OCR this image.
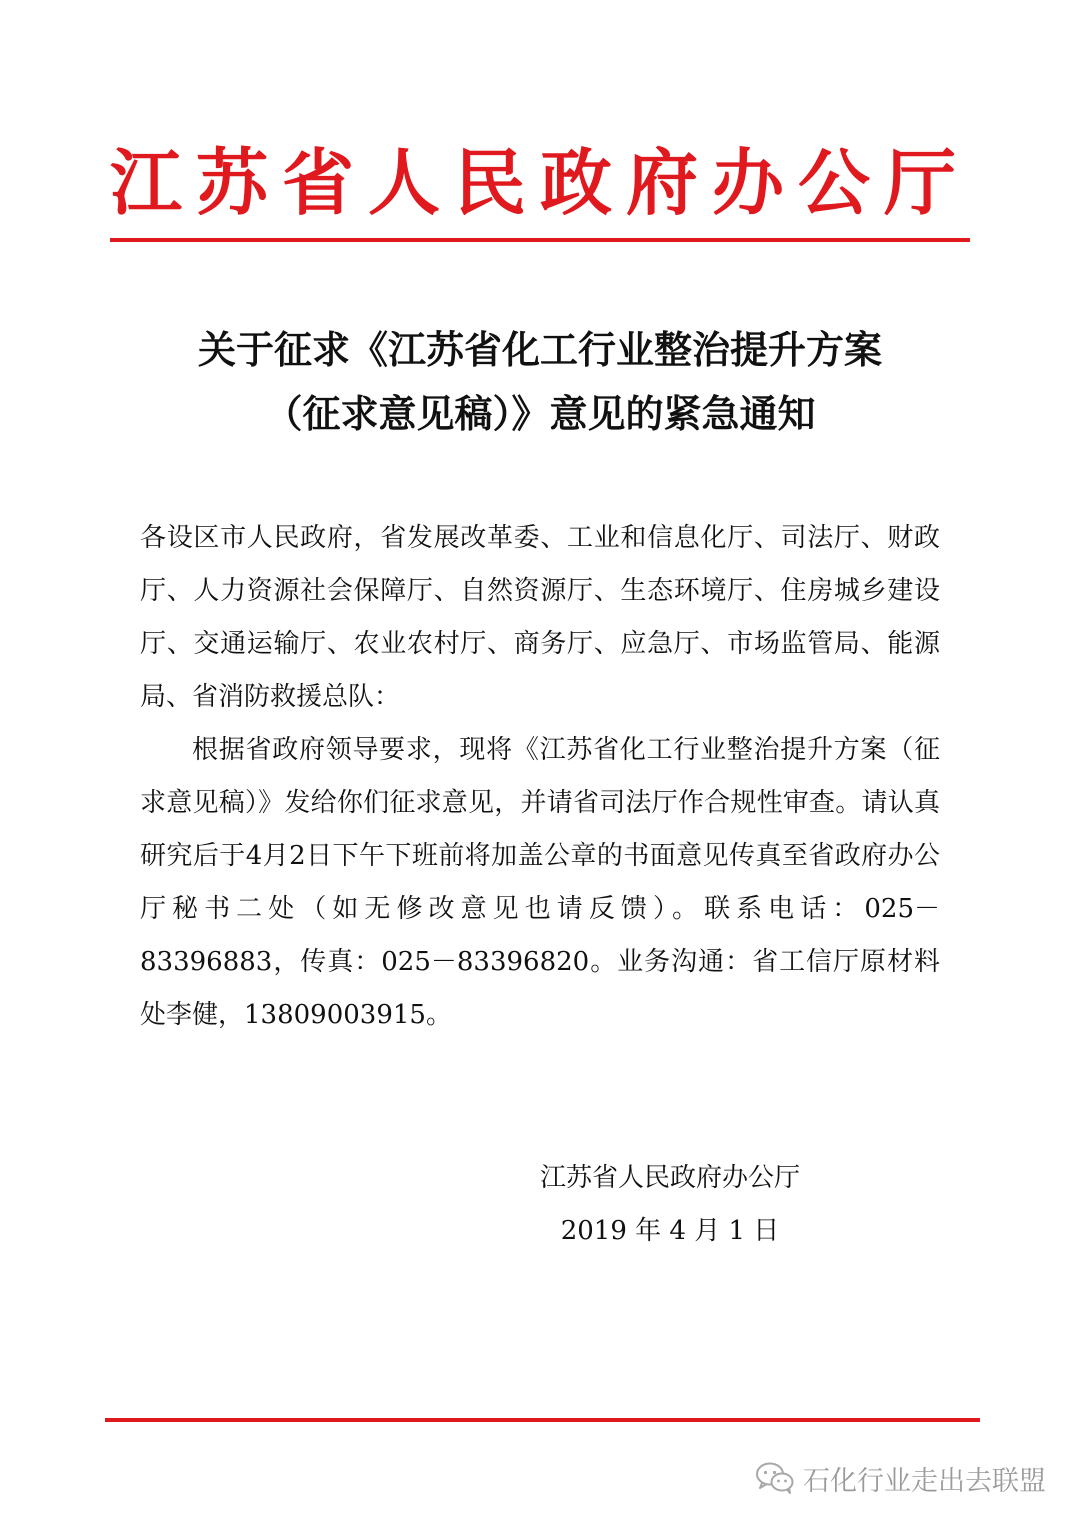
江苏省人民政府办公厅
关于征求《江苏省化工行业整治提升方案
（征求意见稿）》意见的紧急通知

各设区市人民政府，省发展改革委、工业和信息化厅、司法厅、财政厅、人力资源社会保障厅、自然资源厅、生态环境厅、住房城乡建设厅、交通运输厅、农业农村厅、商务厅、应急厅、市场监管局、能源局、省消防救援总队：

根据省政府领导要求，现将《江苏省化工行业整治提升方案（征求意见稿）》发给你们征求意见，并请省司法厅作合规性审查。请认真研究后于4月2日下午下班前将加盖公章的书面意见传真至省政府办公厅秘书二处（如无修改意见也请反馈）。联系电话：025－83396883，传真：025－83396820。业务沟通：省工信厅原材料处李健，13809003915。

江苏省人民政府办公厅
2019 年 4 月 1 日
石化行业走出去联盟
